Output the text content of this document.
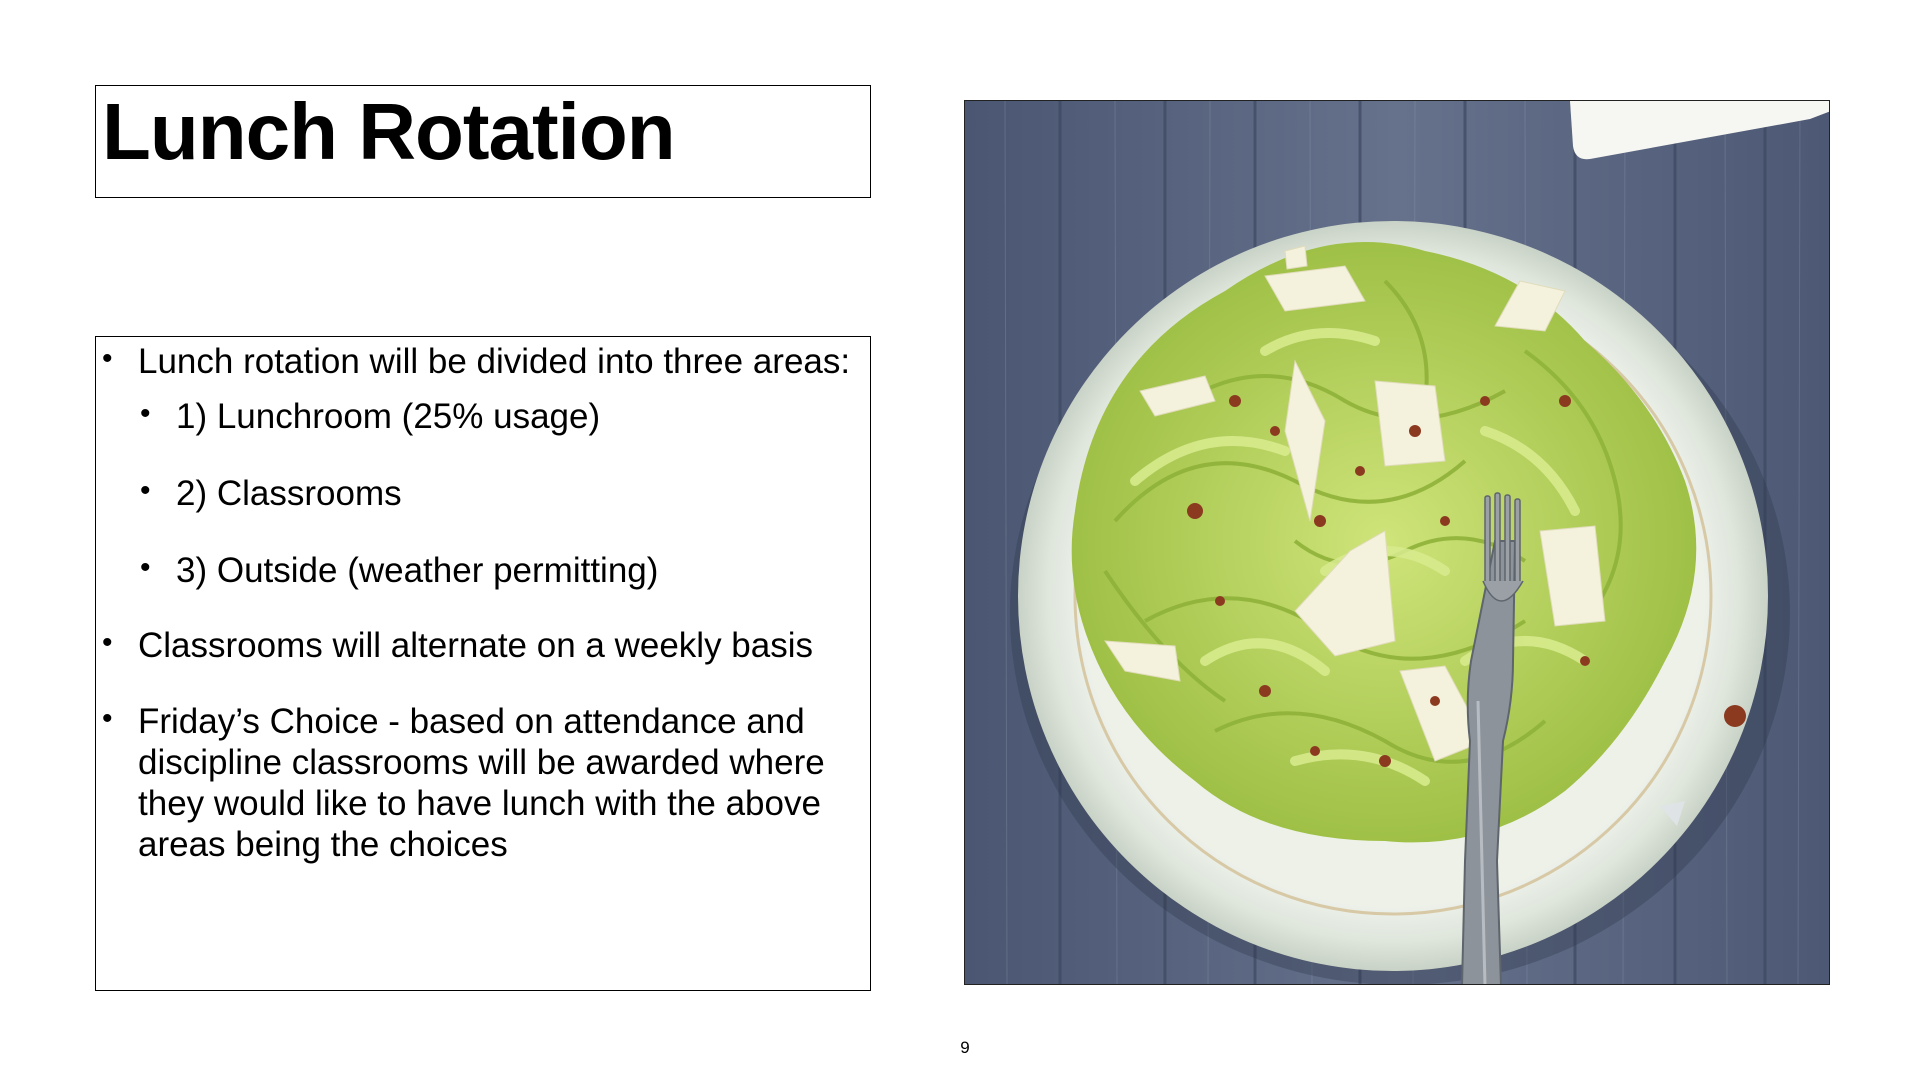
Lunch Rotation
• Lunch rotation will be divided into three areas:
• 1) Lunchroom (25% usage)
• 2) Classrooms
• 3) Outside (weather permitting)
• Classrooms will alternate on a weekly basis
• Friday’s Choice - based on attendance and discipline classrooms will be awarded where they would like to have lunch with the above areas being the choices
9
